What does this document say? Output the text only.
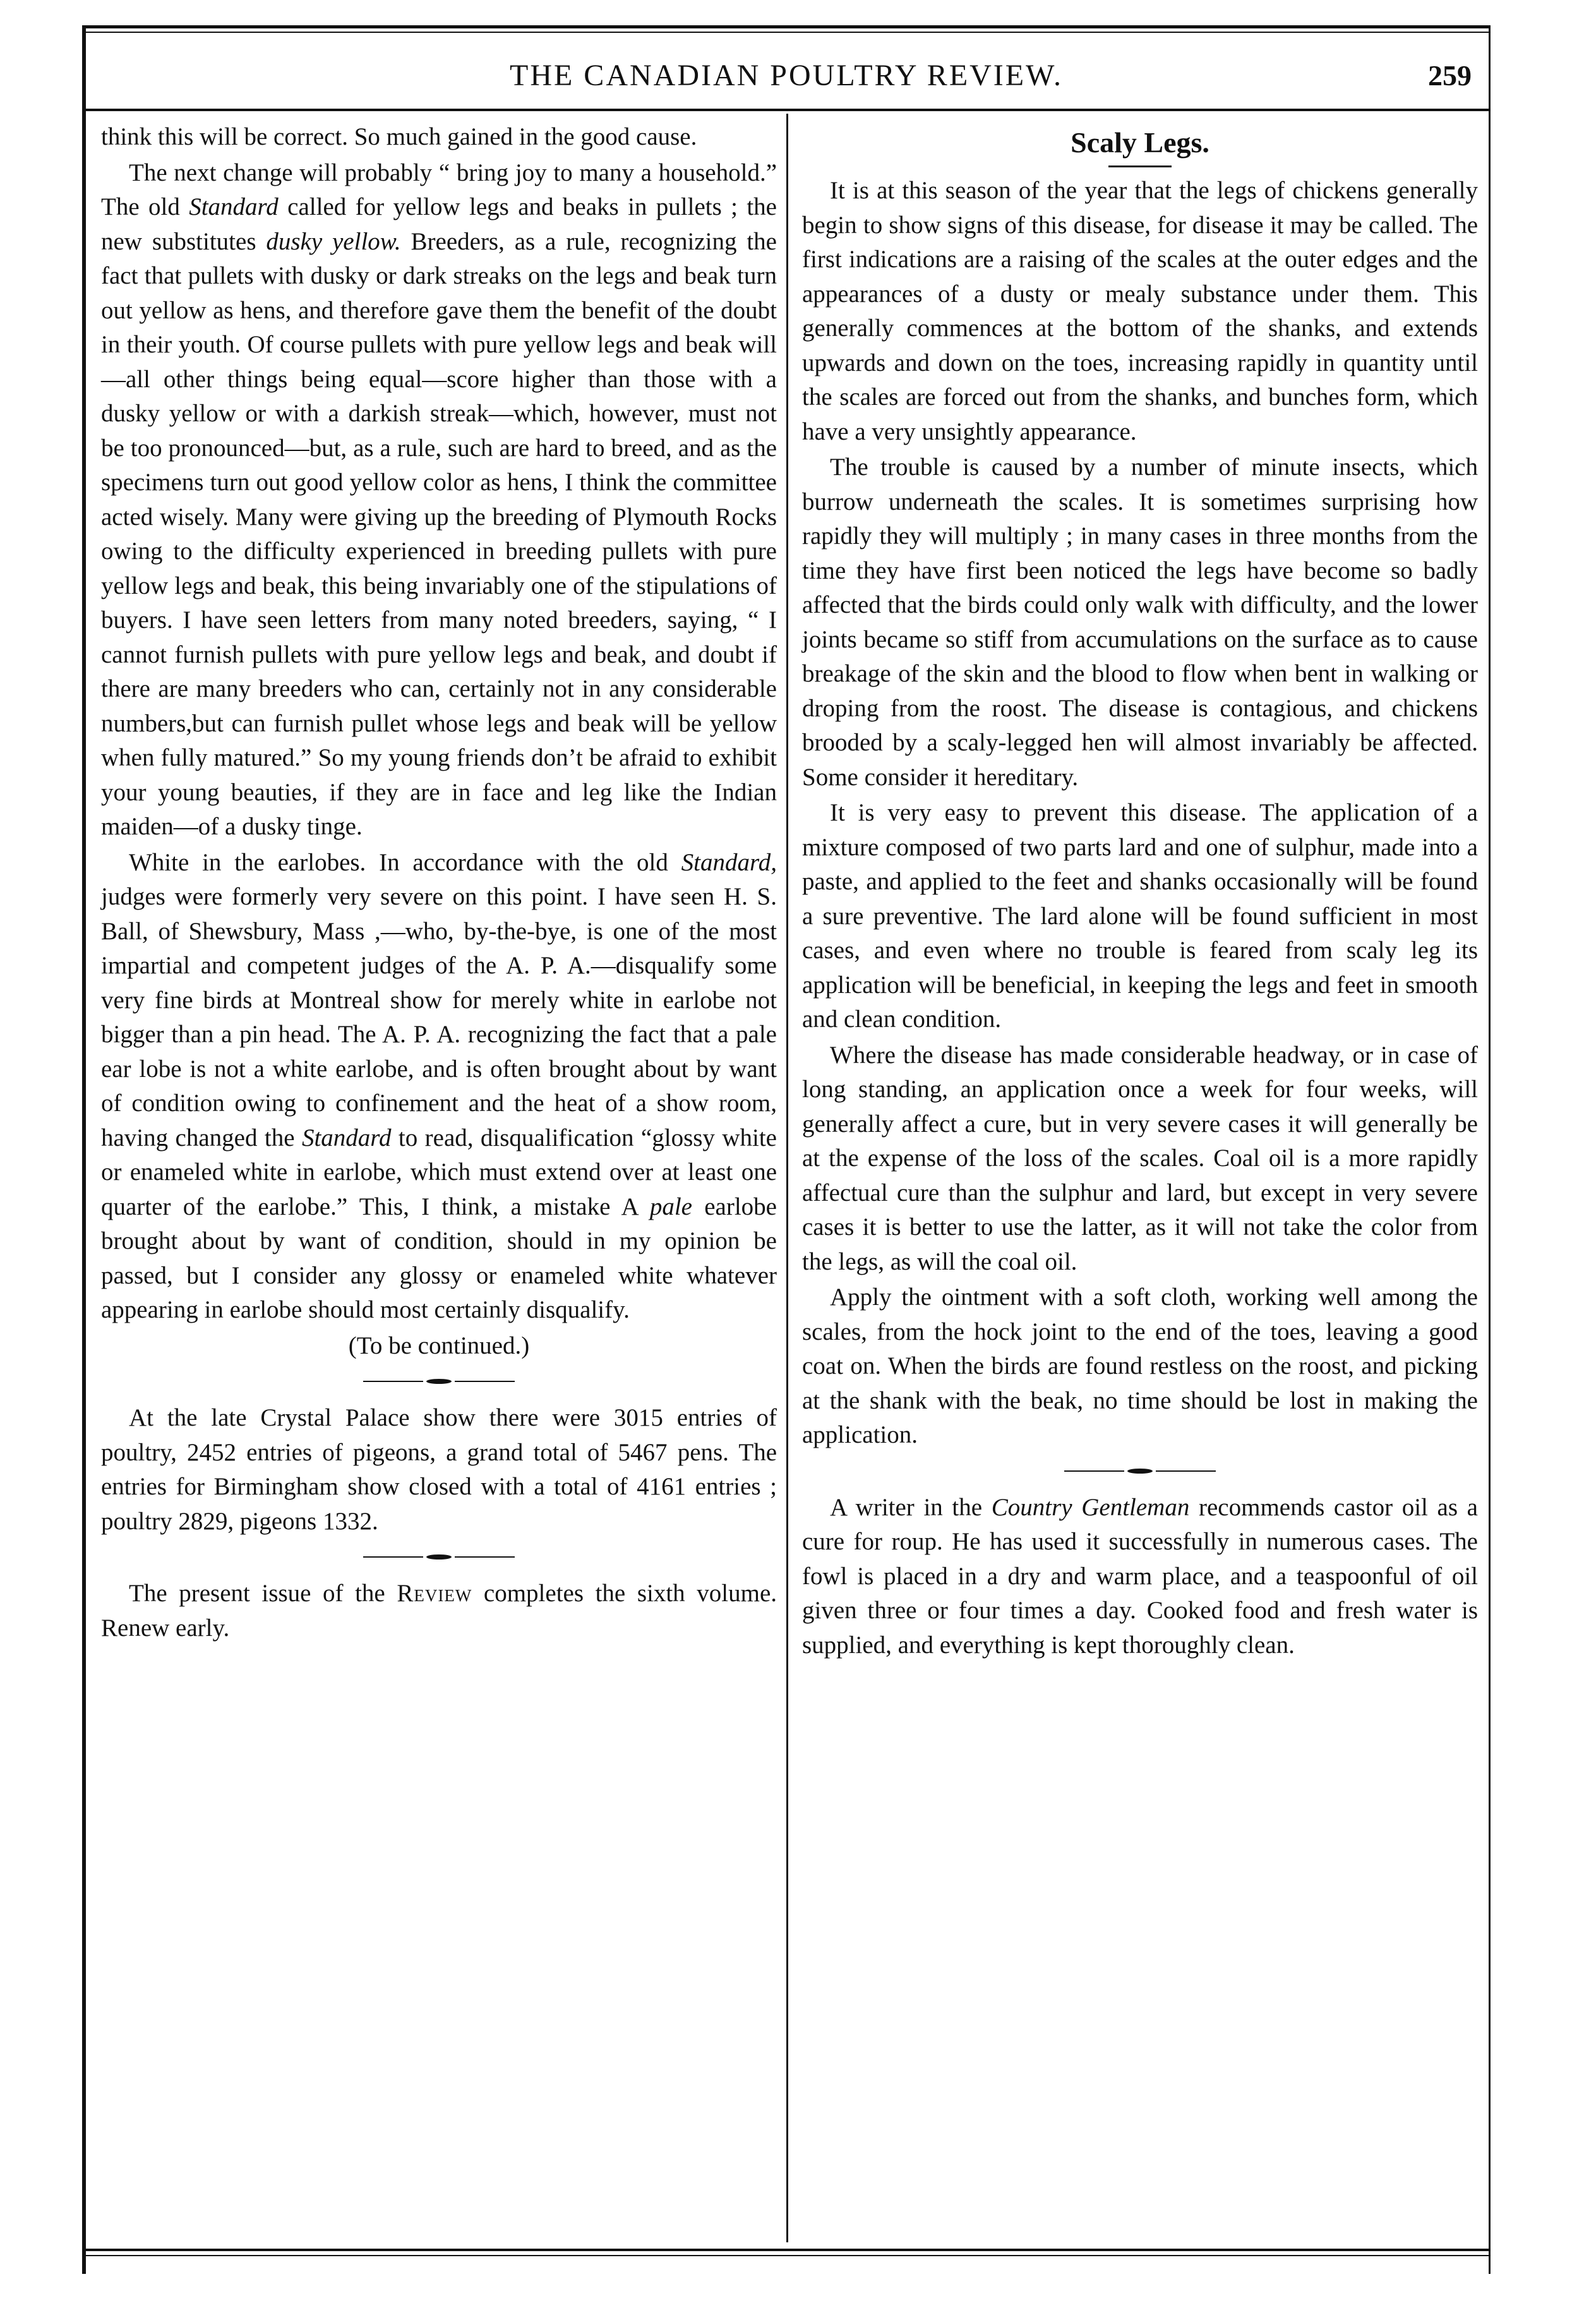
THE CANADIAN POULTRY REVIEW.	259

think this will be correct. So much gained in the good cause.

The next change will probably “ bring joy to many a household.” The old Standard called for yellow legs and beaks in pullets ; the new substitutes dusky yellow. Breeders, as a rule, recognizing the fact that pullets with dusky or dark streaks on the legs and beak turn out yellow as hens, and therefore gave them the benefit of the doubt in their youth. Of course pullets with pure yellow legs and beak will—all other things being equal—score higher than those with a dusky yellow or with a darkish streak—which, however, must not be too pronounced—but, as a rule, such are hard to breed, and as the specimens turn out good yellow color as hens, I think the committee acted wisely. Many were giving up the breeding of Plymouth Rocks owing to the difficulty experienced in breeding pullets with pure yellow legs and beak, this being invariably one of the stipulations of buyers. I have seen letters from many noted breeders, saying, “ I cannot furnish pullets with pure yellow legs and beak, and doubt if there are many breeders who can, certainly not in any considerable numbers,but can furnish pullet whose legs and beak will be yellow when fully matured.” So my young friends don’t be afraid to exhibit your young beauties, if they are in face and leg like the Indian maiden—of a dusky tinge.

White in the earlobes. In accordance with the old Standard, judges were formerly very severe on this point. I have seen H. S. Ball, of Shewsbury, Mass ,—who, by-the-bye, is one of the most impartial and competent judges of the A. P. A.—disqualify some very fine birds at Montreal show for merely white in earlobe not bigger than a pin head. The A. P. A. recognizing the fact that a pale ear lobe is not a white earlobe, and is often brought about by want of condition owing to confinement and the heat of a show room, having changed the Standard to read, disqualification “glossy white or enameled white in earlobe, which must extend over at least one quarter of the earlobe.” This, I think, a mistake A pale earlobe brought about by want of condition, should in my opinion be passed, but I consider any glossy or enameled white whatever appearing in earlobe should most certainly disqualify.

(To be continued.)

At the late Crystal Palace show there were 3015 entries of poultry, 2452 entries of pigeons, a grand total of 5467 pens. The entries for Birmingham show closed with a total of 4161 entries ; poultry 2829, pigeons 1332.

The present issue of the Review completes the sixth volume. Renew early.

Scaly Legs.

It is at this season of the year that the legs of chickens generally begin to show signs of this disease, for disease it may be called. The first indications are a raising of the scales at the outer edges and the appearances of a dusty or mealy substance under them. This generally commences at the bottom of the shanks, and extends upwards and down on the toes, increasing rapidly in quantity until the scales are forced out from the shanks, and bunches form, which have a very unsightly appearance.

The trouble is caused by a number of minute insects, which burrow underneath the scales. It is sometimes surprising how rapidly they will multiply ; in many cases in three months from the time they have first been noticed the legs have become so badly affected that the birds could only walk with difficulty, and the lower joints became so stiff from accumulations on the surface as to cause breakage of the skin and the blood to flow when bent in walking or droping from the roost. The disease is contagious, and chickens brooded by a scaly-legged hen will almost invariably be affected. Some consider it hereditary.

It is very easy to prevent this disease. The application of a mixture composed of two parts lard and one of sulphur, made into a paste, and applied to the feet and shanks occasionally will be found a sure preventive. The lard alone will be found sufficient in most cases, and even where no trouble is feared from scaly leg its application will be beneficial, in keeping the legs and feet in smooth and clean condition.

Where the disease has made considerable headway, or in case of long standing, an application once a week for four weeks, will generally affect a cure, but in very severe cases it will generally be at the expense of the loss of the scales. Coal oil is a more rapidly affectual cure than the sulphur and lard, but except in very severe cases it is better to use the latter, as it will not take the color from the legs, as will the coal oil.

Apply the ointment with a soft cloth, working well among the scales, from the hock joint to the end of the toes, leaving a good coat on. When the birds are found restless on the roost, and picking at the shank with the beak, no time should be lost in making the application.

A writer in the Country Gentleman recommends castor oil as a cure for roup. He has used it successfully in numerous cases. The fowl is placed in a dry and warm place, and a teaspoonful of oil given three or four times a day. Cooked food and fresh water is supplied, and everything is kept thoroughly clean.
